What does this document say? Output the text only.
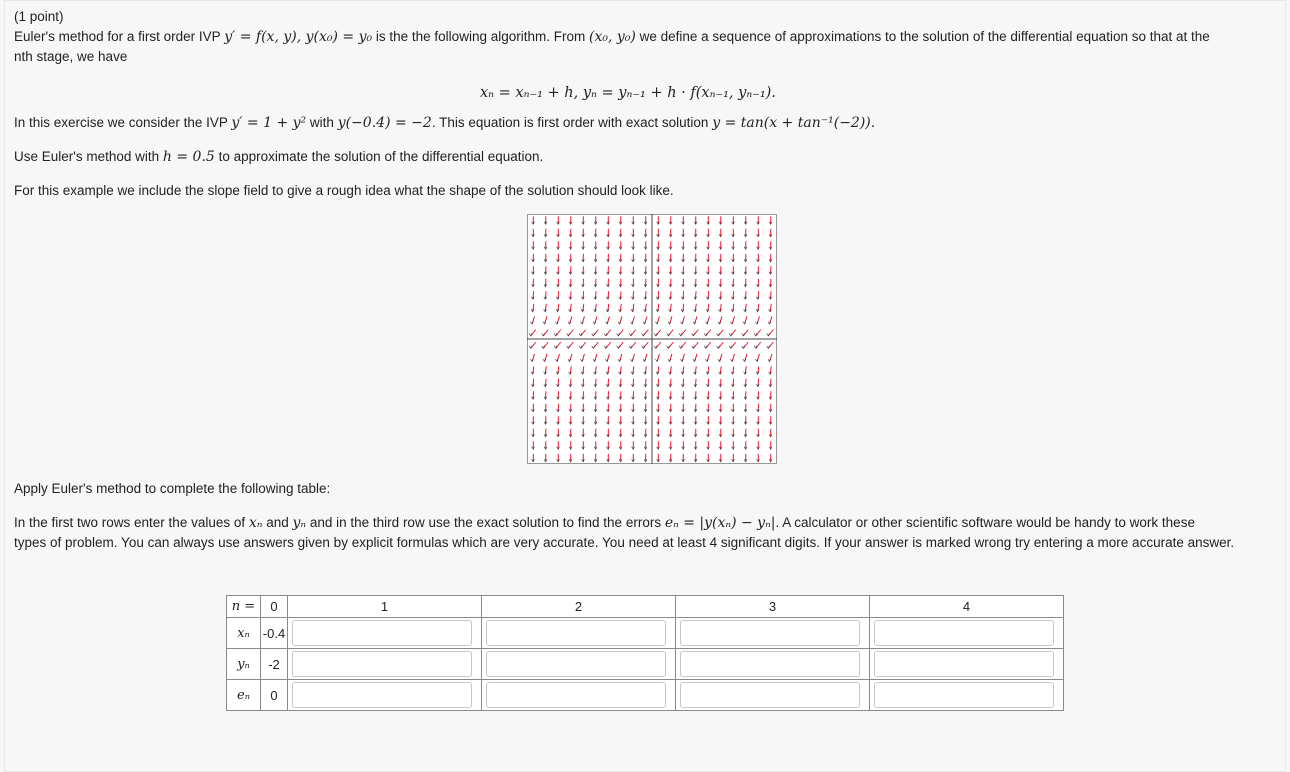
(1 point)

Euler's method for a first order IVP y′ = f(x, y), y(x₀) = y₀ is the the following algorithm. From (x₀, y₀) we define a sequence of approximations to the solution of the differential equation so that at the
nth stage, we have

xₙ = xₙ₋₁ + h, yₙ = yₙ₋₁ + h · f(xₙ₋₁, yₙ₋₁).

In this exercise we consider the IVP y′ = 1 + y² with y(−0.4) = −2. This equation is first order with exact solution y = tan(x + tan⁻¹(−2)).

Use Euler's method with h = 0.5 to approximate the solution of the differential equation.

For this example we include the slope field to give a rough idea what the shape of the solution should look like.

Apply Euler's method to complete the following table:

In the first two rows enter the values of xₙ and yₙ and in the third row use the exact solution to find the errors eₙ = |y(xₙ) − yₙ|. A calculator or other scientific software would be handy to work these
types of problem. You can always use answers given by explicit formulas which are very accurate. You need at least 4 significant digits. If your answer is marked wrong try entering a more accurate answer.

n =	0	1	2	3	4
xₙ	-0.4	

yₙ	-2	

eₙ	0	
